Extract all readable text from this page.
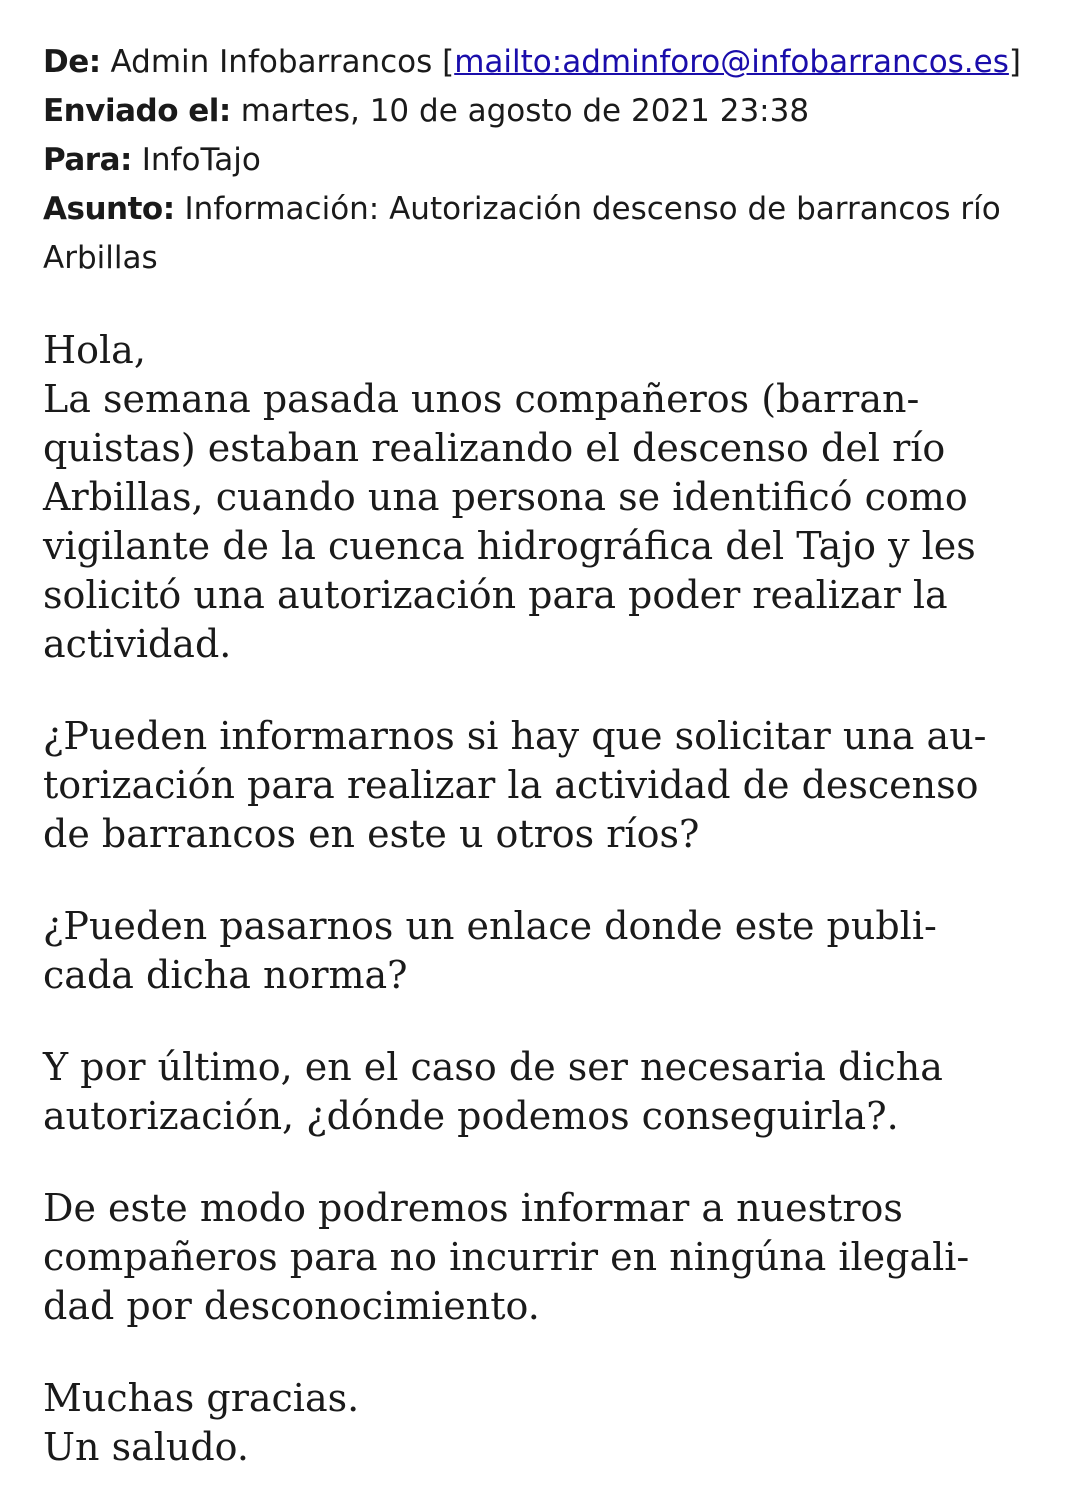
De: Admin Infobarrancos [mailto:adminforo@infobarrancos.es]

Enviado el: martes, 10 de agosto de 2021 23:38

Para: InfoTajo

Asunto: Información: Autorización descenso de barrancos río
Arbillas

Hola,
La semana pasada unos compañeros (barran-
quistas) estaban realizando el descenso del río
Arbillas, cuando una persona se identificó como
vigilante de la cuenca hidrográfica del Tajo y les
solicitó una autorización para poder realizar la
actividad.

¿Pueden informarnos si hay que solicitar una au-
torización para realizar la actividad de descenso
de barrancos en este u otros ríos?

¿Pueden pasarnos un enlace donde este publi-
cada dicha norma?

Y por último, en el caso de ser necesaria dicha
autorización, ¿dónde podemos conseguirla?.

De este modo podremos informar a nuestros
compañeros para no incurrir en ningúna ilegali-
dad por desconocimiento.

Muchas gracias.
Un saludo.
